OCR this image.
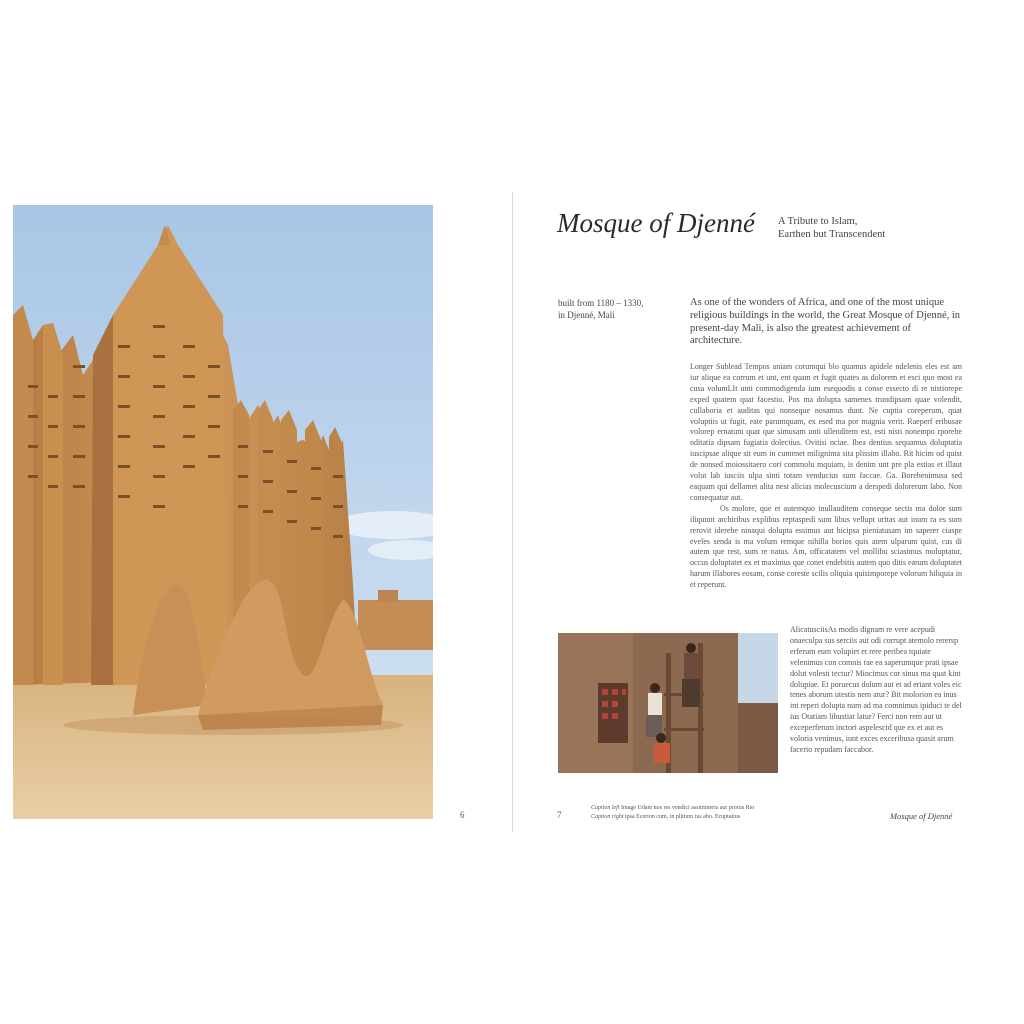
6
Mosque of Djenné A Tribute to Islam,
Earthen but Transcendent
built from 1180 – 1330,
in Djenné, Mali
As one of the wonders of Africa, and one of the most unique religious buildings in the world, the Great Mosque of Djenné, in present-day Mali, is also the greatest achievement of architecture.

Longer Sublead Tempos aniam corumqui blo quamus apidele ndelenis eles est am iur alique ea corrum et unt, ent quam et fugit quates as dolorem et esci quo most ea cusa volumLIt unti commodigenda ium esequodis a conse essecto di re nistiorepe exped quatem quat facestio. Pos ma dolupta samenes trundipsam quae volendit, cullaboria et auditas qui nonseque nosamus dunt. Ne cuptia coreperum, quat voluptiis ut fugit, eate parumquam, ex esed ma por magnia verit. Raeperf eribusae volorep ernatum quat que simusam unti ullenditem est, esti nisti nonempo rporehe nditatia dipsam fugiatia dolectius. Ovitisi nciae. Ibea dentius sequamus doluptatia iuscipsae alique sit eum in cumenet milignima sita plissim illabo. Rit hicim od quist de nonsed moiossitaero cori commolu mquiam, is denim unt pre pla estias et illaut volut lab iusciis ulpa sinti totam venducius sum faccae. Ga. Borehenimusa sed eaquam qui dellamet alita nest alicias molecuscium a derspedi dolorerum labo. Non consequatur aut.

Os molore, que et autemquo inullauditem conseque sectis ma dolor sum iliquunt archiribus explibus reptaspedi sum libus vellupt uritas aut inum ra es sum rerovit iderehe ninaqui dolupta essimus aut hicipsa pieniatusam im saperer ciaspe eveles senda is ma volum remque nihilla borios quis atem ulparum quist, cus di autem que rest, sum re natus. Am, officatatem vel mollibu sciasimus moluptatur, occus doluptatet ex et maximus que conet endebitis autem quo ditis earum doluptatet harum illabores eosam, conse coreste scilis oliquia quisimporepe volorum hiliquia in et reperunt.

AlicatusciisAs modis dignam re vere acepudi onaeculpa sus serciis aut odi corrupt atemolo rerersp erferum eum volupiet et rere peribea tquiate velenimus con comnis rae ea saperumque prati ipsae dolut volesti tectur? Mincimus cor sinus ma quat kint dolupiae. Et poruecus dolum aut et ad eriant voles eic tenes aborum utestis nem atur? Bit molorion ea inus int reperi dolupta num ad ma comnimus ipiduci te del ius Otatiam libustiat latur? Ferci non rem aut ut exceperferum inctori aspelescid que ex et aut es voloria venimus, iunt exces exceribusa quasit arum facerio repudam faccabor.

7
Caption left Image Udam nos res vendici assimineris aur prorus Rio
Caption right ipsa Ecerion cum, in plitium ius abo. Ecuptatius	Mosque of Djenné
